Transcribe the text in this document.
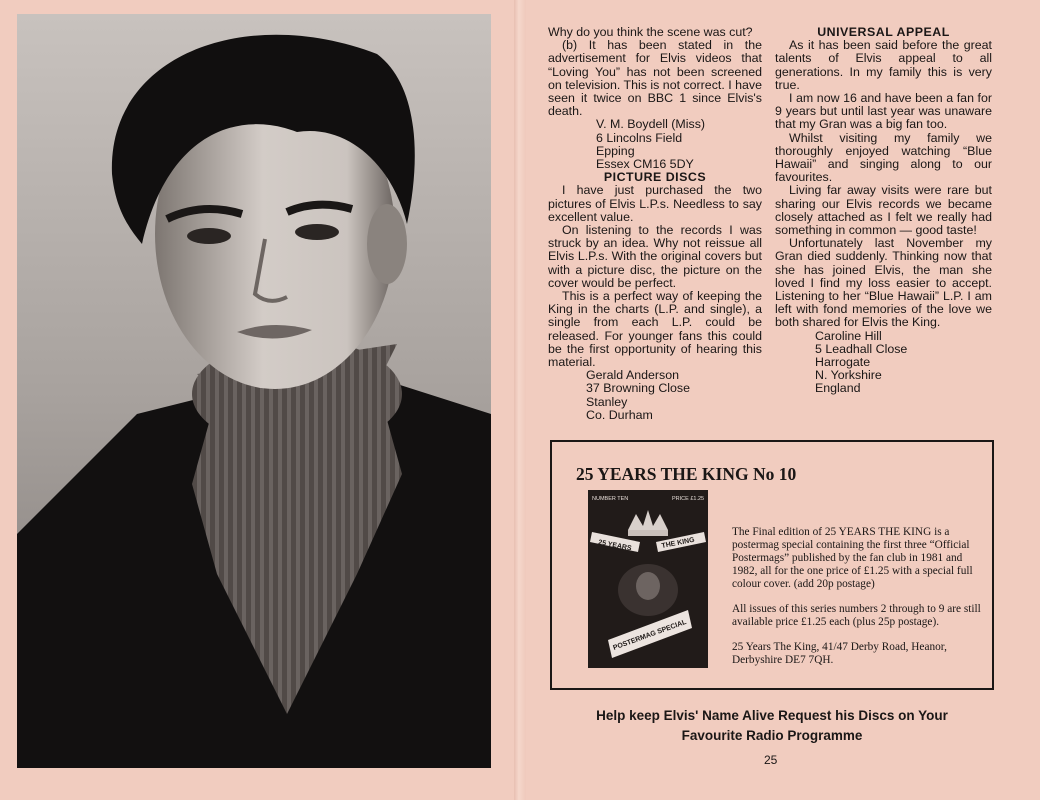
Why do you think the scene was cut?

(b) It has been stated in the advertisement for Elvis videos that “Loving You” has not been screened on television. This is not correct. I have seen it twice on BBC 1 since Elvis's death.

V. M. Boydell (Miss)
6 Lincolns Field
Epping
Essex CM16 5DY
PICTURE DISCS

I have just purchased the two pictures of Elvis L.P.s. Needless to say excellent value.

On listening to the records I was struck by an idea. Why not reissue all Elvis L.P.s. With the original covers but with a picture disc, the picture on the cover would be perfect.

This is a perfect way of keeping the King in the charts (L.P. and single), a single from each L.P. could be released. For younger fans this could be the first opportunity of hearing this material.

Gerald Anderson
37 Browning Close
Stanley
Co. Durham
UNIVERSAL APPEAL

As it has been said before the great talents of Elvis appeal to all generations. In my family this is very true.

I am now 16 and have been a fan for 9 years but until last year was unaware that my Gran was a big fan too.

Whilst visiting my family we thoroughly enjoyed watching “Blue Hawaii” and singing along to our favourites.

Living far away visits were rare but sharing our Elvis records we became closely attached as I felt we really had something in common — good taste!

Unfortunately last November my Gran died suddenly. Thinking now that she has joined Elvis, the man she loved I find my loss easier to accept. Listening to her “Blue Hawaii” L.P. I am left with fond memories of the love we both shared for Elvis the King.

Caroline Hill
5 Leadhall Close
Harrogate
N. Yorkshire
England
25 YEARS THE KING No 10
NUMBER TEN	PRICE £1.25
25 YEARS	THE KING
POSTERMAG SPECIAL

The Final edition of 25 YEARS THE KING is a postermag special containing the first three “Official Postermags” published by the fan club in 1981 and 1982, all for the one price of £1.25 with a special full colour cover. (add 20p postage)

All issues of this series numbers 2 through to 9 are still available price £1.25 each (plus 25p postage).

25 Years The King, 41/47 Derby Road, Heanor, Derbyshire DE7 7QH.

Help keep Elvis' Name Alive Request his Discs on Your
Favourite Radio Programme
25
